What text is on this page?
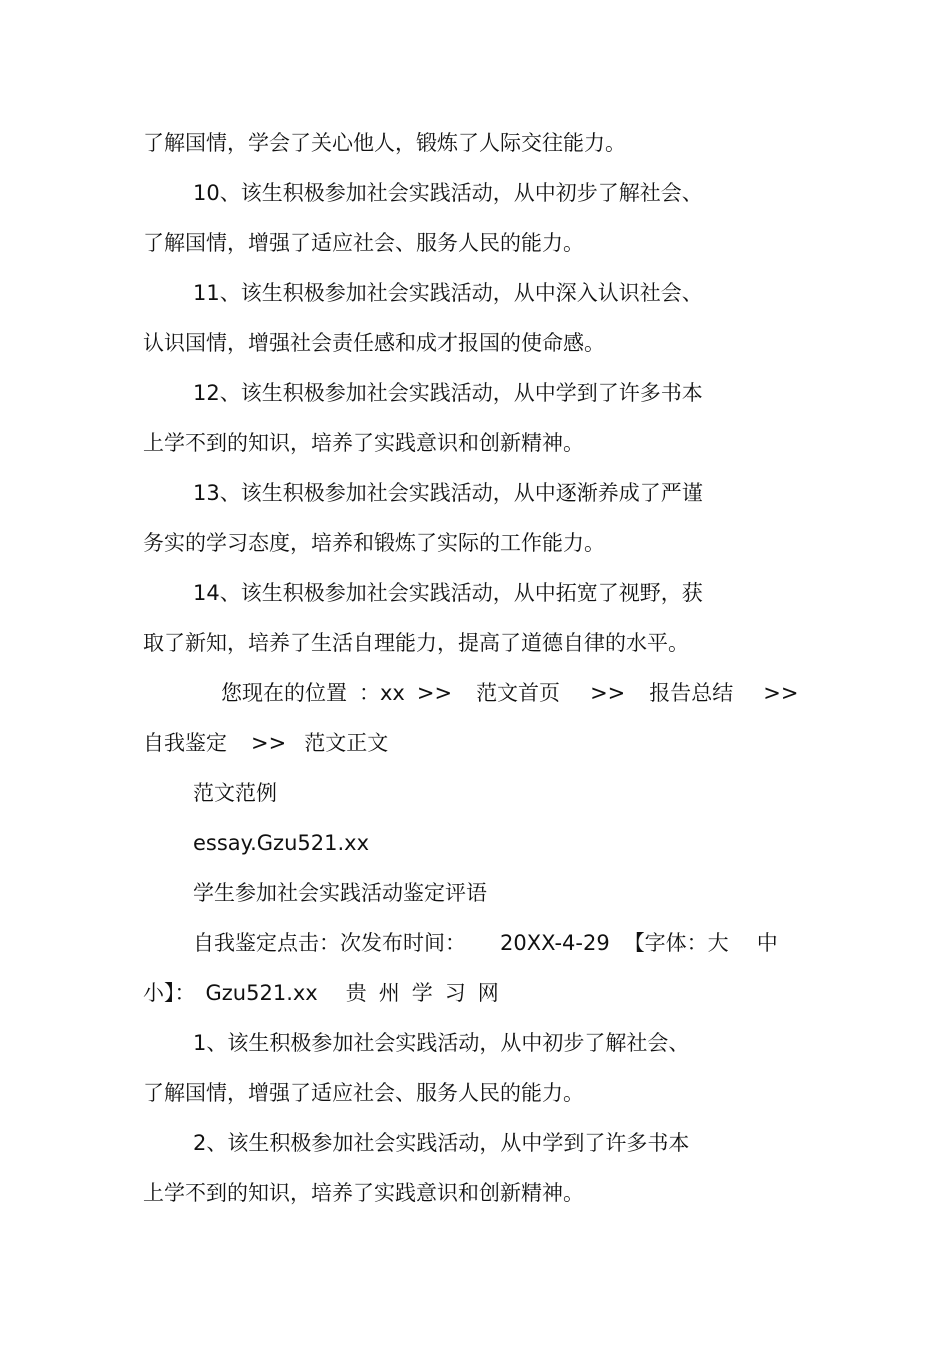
了解国情，学会了关心他人，锻炼了人际交往能力。

10、该生积极参加社会实践活动，从中初步了解社会、

了解国情，增强了适应社会、服务人民的能力。

11、该生积极参加社会实践活动，从中深入认识社会、

认识国情，增强社会责任感和成才报国的使命感。

12、该生积极参加社会实践活动，从中学到了许多书本

上学不到的知识，培养了实践意识和创新精神。

13、该生积极参加社会实践活动，从中逐渐养成了严谨

务实的学习态度，培养和锻炼了实际的工作能力。

14、该生积极参加社会实践活动，从中拓宽了视野，获

取了新知，培养了生活自理能力，提高了道德自律的水平。

您现在的位置 ：xx >> 范文首页 >> 报告总结 >>
自我鉴定 >> 范文正文

范文范例

essay.Gzu521.xx

学生参加社会实践活动鉴定评语

自我鉴定点击：次发布时间： 20XX-4-29 【字体：大 中
小】： Gzu521.xx 贵 州 学 习 网

1、该生积极参加社会实践活动，从中初步了解社会、

了解国情，增强了适应社会、服务人民的能力。

2、该生积极参加社会实践活动，从中学到了许多书本

上学不到的知识，培养了实践意识和创新精神。
